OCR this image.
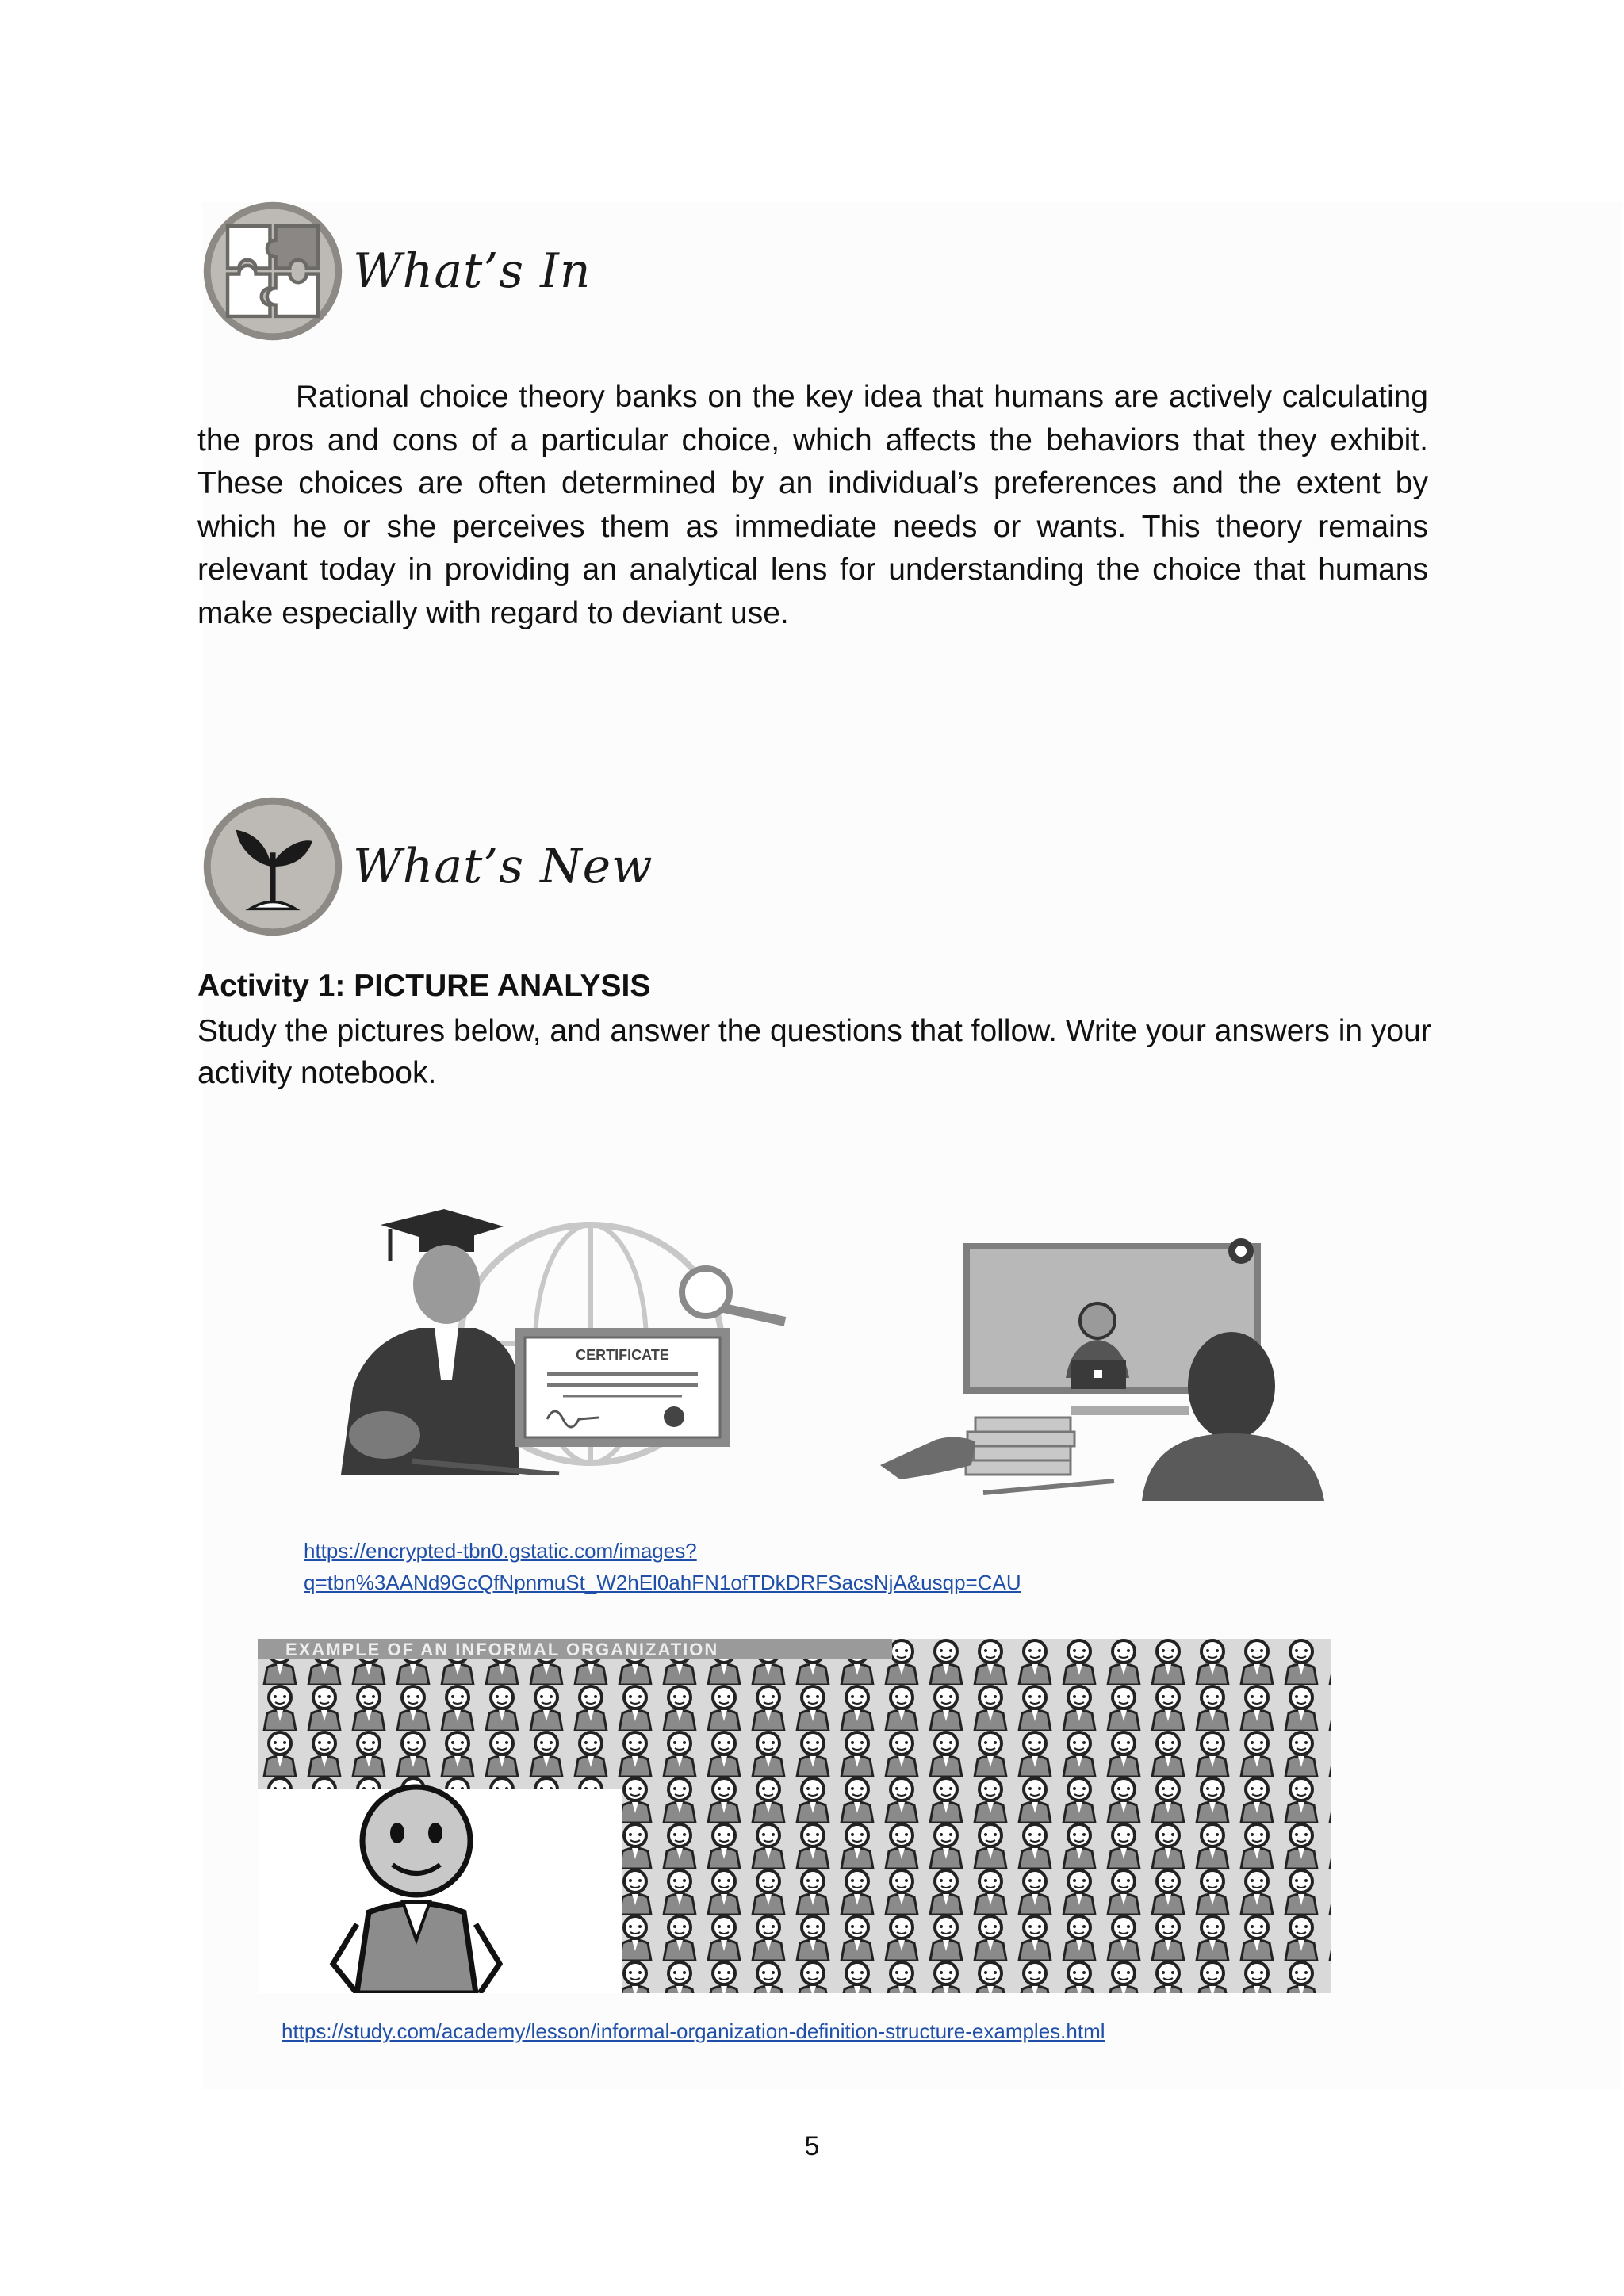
What’s In

Rational choice theory banks on the key idea that humans are actively calculating the pros and cons of a particular choice, which affects the behaviors that they exhibit. These choices are often determined by an individual’s preferences and the extent by which he or she perceives them as immediate needs or wants. This theory remains relevant today in providing an analytical lens for understanding the choice that humans make especially with regard to deviant use.

What’s New

Activity 1: PICTURE ANALYSIS

Study the pictures below, and answer the questions that follow. Write your answers in your activity notebook.

CERTIFICATE

https://encrypted-tbn0.gstatic.com/images?q=tbn%3AANd9GcQfNpnmuSt_W2hEl0ahFN1ofTDkDRFSacsNjA&usqp=CAU

EXAMPLE OF AN INFORMAL ORGANIZATION

https://study.com/academy/lesson/informal-organization-definition-structure-examples.html

5
